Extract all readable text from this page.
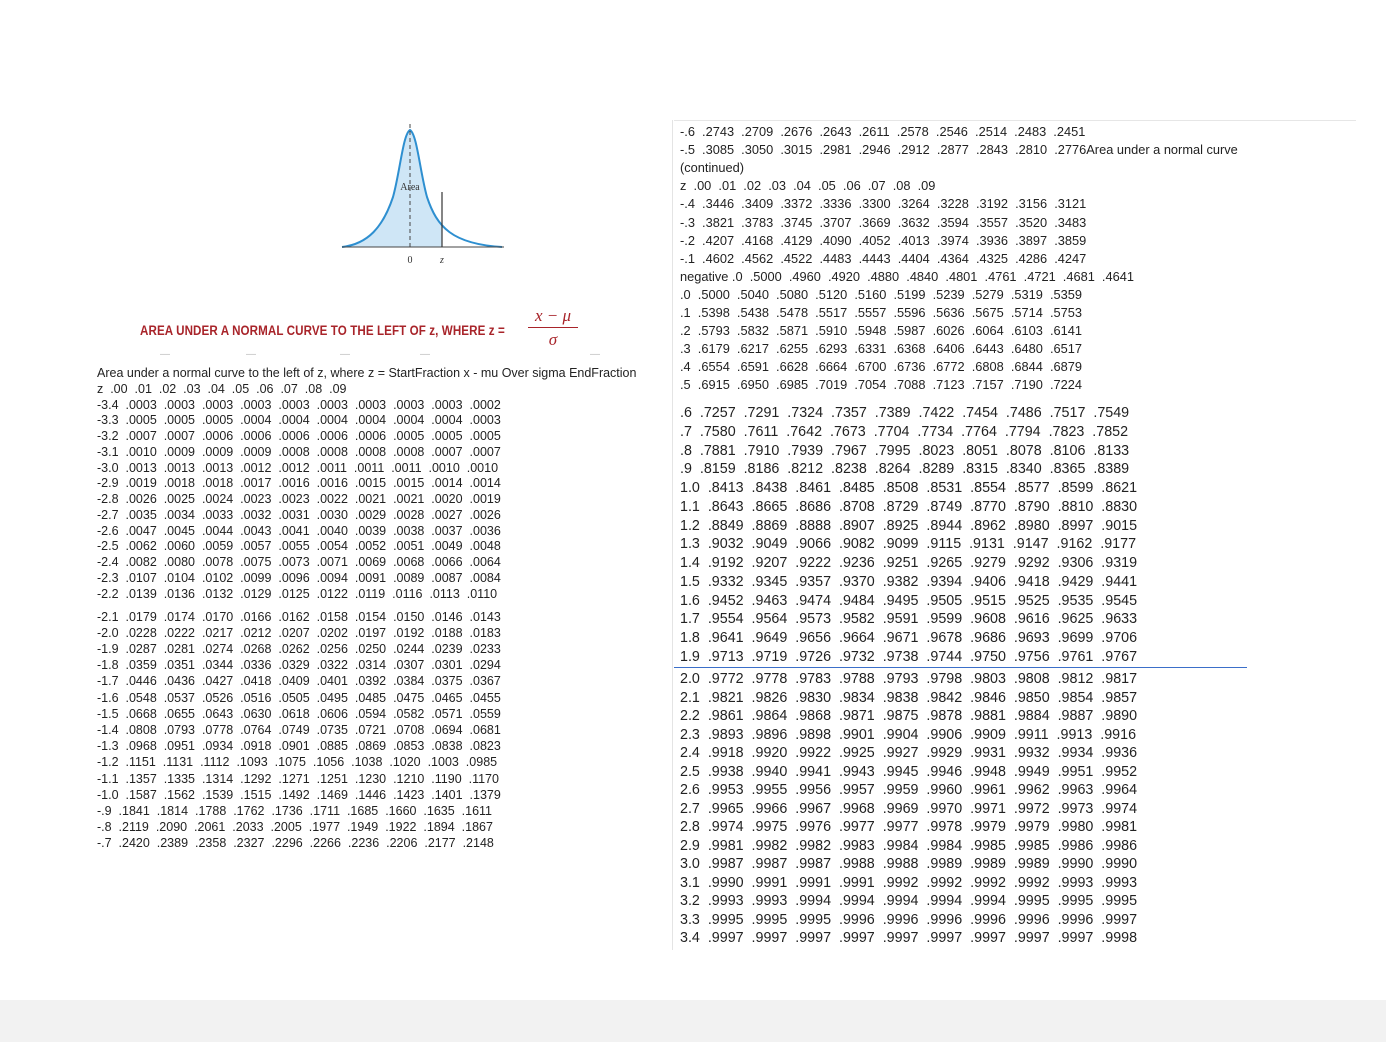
Area
0	z
AREA UNDER A NORMAL CURVE TO THE LEFT OF z, WHERE $z = \frac{x - \mu}{\sigma}$
—	—	—	—	—
Area under a normal curve to the left of z, where z = StartFraction x - mu Over sigma EndFraction
z  .00  .01  .02  .03  .04  .05  .06  .07  .08  .09
-3.4  .0003  .0003  .0003  .0003  .0003  .0003  .0003  .0003  .0003  .0002
-3.3  .0005  .0005  .0005  .0004  .0004  .0004  .0004  .0004  .0004  .0003
-3.2  .0007  .0007  .0006  .0006  .0006  .0006  .0006  .0005  .0005  .0005
-3.1  .0010  .0009  .0009  .0009  .0008  .0008  .0008  .0008  .0007  .0007
-3.0  .0013  .0013  .0013  .0012  .0012  .0011  .0011  .0011  .0010  .0010
-2.9  .0019  .0018  .0018  .0017  .0016  .0016  .0015  .0015  .0014  .0014
-2.8  .0026  .0025  .0024  .0023  .0023  .0022  .0021  .0021  .0020  .0019
-2.7  .0035  .0034  .0033  .0032  .0031  .0030  .0029  .0028  .0027  .0026
-2.6  .0047  .0045  .0044  .0043  .0041  .0040  .0039  .0038  .0037  .0036
-2.5  .0062  .0060  .0059  .0057  .0055  .0054  .0052  .0051  .0049  .0048
-2.4  .0082  .0080  .0078  .0075  .0073  .0071  .0069  .0068  .0066  .0064
-2.3  .0107  .0104  .0102  .0099  .0096  .0094  .0091  .0089  .0087  .0084
-2.2  .0139  .0136  .0132  .0129  .0125  .0122  .0119  .0116  .0113  .0110
-2.1  .0179  .0174  .0170  .0166  .0162  .0158  .0154  .0150  .0146  .0143
-2.0  .0228  .0222  .0217  .0212  .0207  .0202  .0197  .0192  .0188  .0183
-1.9  .0287  .0281  .0274  .0268  .0262  .0256  .0250  .0244  .0239  .0233
-1.8  .0359  .0351  .0344  .0336  .0329  .0322  .0314  .0307  .0301  .0294
-1.7  .0446  .0436  .0427  .0418  .0409  .0401  .0392  .0384  .0375  .0367
-1.6  .0548  .0537  .0526  .0516  .0505  .0495  .0485  .0475  .0465  .0455
-1.5  .0668  .0655  .0643  .0630  .0618  .0606  .0594  .0582  .0571  .0559
-1.4  .0808  .0793  .0778  .0764  .0749  .0735  .0721  .0708  .0694  .0681
-1.3  .0968  .0951  .0934  .0918  .0901  .0885  .0869  .0853  .0838  .0823
-1.2  .1151  .1131  .1112  .1093  .1075  .1056  .1038  .1020  .1003  .0985
-1.1  .1357  .1335  .1314  .1292  .1271  .1251  .1230  .1210  .1190  .1170
-1.0  .1587  .1562  .1539  .1515  .1492  .1469  .1446  .1423  .1401  .1379
-.9  .1841  .1814  .1788  .1762  .1736  .1711  .1685  .1660  .1635  .1611
-.8  .2119  .2090  .2061  .2033  .2005  .1977  .1949  .1922  .1894  .1867
-.7  .2420  .2389  .2358  .2327  .2296  .2266  .2236  .2206  .2177  .2148
-.6  .2743  .2709  .2676  .2643  .2611  .2578  .2546  .2514  .2483  .2451
-.5  .3085  .3050  .3015  .2981  .2946  .2912  .2877  .2843  .2810  .2776Area under a normal curve
(continued)
z  .00  .01  .02  .03  .04  .05  .06  .07  .08  .09
-.4  .3446  .3409  .3372  .3336  .3300  .3264  .3228  .3192  .3156  .3121
-.3  .3821  .3783  .3745  .3707  .3669  .3632  .3594  .3557  .3520  .3483
-.2  .4207  .4168  .4129  .4090  .4052  .4013  .3974  .3936  .3897  .3859
-.1  .4602  .4562  .4522  .4483  .4443  .4404  .4364  .4325  .4286  .4247
negative .0  .5000  .4960  .4920  .4880  .4840  .4801  .4761  .4721  .4681  .4641
.0  .5000  .5040  .5080  .5120  .5160  .5199  .5239  .5279  .5319  .5359
.1  .5398  .5438  .5478  .5517  .5557  .5596  .5636  .5675  .5714  .5753
.2  .5793  .5832  .5871  .5910  .5948  .5987  .6026  .6064  .6103  .6141
.3  .6179  .6217  .6255  .6293  .6331  .6368  .6406  .6443  .6480  .6517
.4  .6554  .6591  .6628  .6664  .6700  .6736  .6772  .6808  .6844  .6879
.5  .6915  .6950  .6985  .7019  .7054  .7088  .7123  .7157  .7190  .7224
.6  .7257  .7291  .7324  .7357  .7389  .7422  .7454  .7486  .7517  .7549
.7  .7580  .7611  .7642  .7673  .7704  .7734  .7764  .7794  .7823  .7852
.8  .7881  .7910  .7939  .7967  .7995  .8023  .8051  .8078  .8106  .8133
.9  .8159  .8186  .8212  .8238  .8264  .8289  .8315  .8340  .8365  .8389
1.0  .8413  .8438  .8461  .8485  .8508  .8531  .8554  .8577  .8599  .8621
1.1  .8643  .8665  .8686  .8708  .8729  .8749  .8770  .8790  .8810  .8830
1.2  .8849  .8869  .8888  .8907  .8925  .8944  .8962  .8980  .8997  .9015
1.3  .9032  .9049  .9066  .9082  .9099  .9115  .9131  .9147  .9162  .9177
1.4  .9192  .9207  .9222  .9236  .9251  .9265  .9279  .9292  .9306  .9319
1.5  .9332  .9345  .9357  .9370  .9382  .9394  .9406  .9418  .9429  .9441
1.6  .9452  .9463  .9474  .9484  .9495  .9505  .9515  .9525  .9535  .9545
1.7  .9554  .9564  .9573  .9582  .9591  .9599  .9608  .9616  .9625  .9633
1.8  .9641  .9649  .9656  .9664  .9671  .9678  .9686  .9693  .9699  .9706
1.9  .9713  .9719  .9726  .9732  .9738  .9744  .9750  .9756  .9761  .9767
2.0  .9772  .9778  .9783  .9788  .9793  .9798  .9803  .9808  .9812  .9817
2.1  .9821  .9826  .9830  .9834  .9838  .9842  .9846  .9850  .9854  .9857
2.2  .9861  .9864  .9868  .9871  .9875  .9878  .9881  .9884  .9887  .9890
2.3  .9893  .9896  .9898  .9901  .9904  .9906  .9909  .9911  .9913  .9916
2.4  .9918  .9920  .9922  .9925  .9927  .9929  .9931  .9932  .9934  .9936
2.5  .9938  .9940  .9941  .9943  .9945  .9946  .9948  .9949  .9951  .9952
2.6  .9953  .9955  .9956  .9957  .9959  .9960  .9961  .9962  .9963  .9964
2.7  .9965  .9966  .9967  .9968  .9969  .9970  .9971  .9972  .9973  .9974
2.8  .9974  .9975  .9976  .9977  .9977  .9978  .9979  .9979  .9980  .9981
2.9  .9981  .9982  .9982  .9983  .9984  .9984  .9985  .9985  .9986  .9986
3.0  .9987  .9987  .9987  .9988  .9988  .9989  .9989  .9989  .9990  .9990
3.1  .9990  .9991  .9991  .9991  .9992  .9992  .9992  .9992  .9993  .9993
3.2  .9993  .9993  .9994  .9994  .9994  .9994  .9994  .9995  .9995  .9995
3.3  .9995  .9995  .9995  .9996  .9996  .9996  .9996  .9996  .9996  .9997
3.4  .9997  .9997  .9997  .9997  .9997  .9997  .9997  .9997  .9997  .9998
